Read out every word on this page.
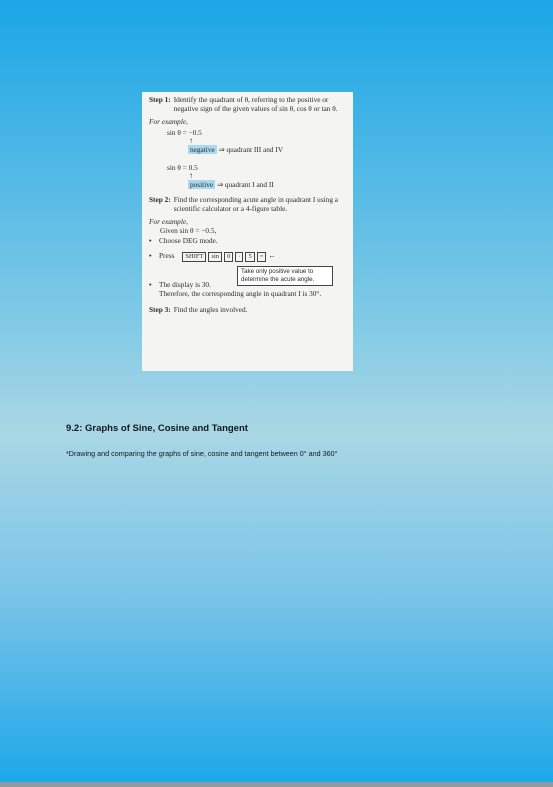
Step 1: Identify the quadrant of θ, referring to the positive or negative sign of the given values of sin θ, cos θ or tan θ.
For example,
sin θ = −0.5
↑
negative ⇒ quadrant III and IV
sin θ = 0.5
↑
positive ⇒ quadrant I and II
Step 2: Find the corresponding acute angle in quadrant I using a scientific calculator or a 4-figure table.
For example,
Given sin θ = −0.5,
•	Choose DEG mode.
•	Press	SHIFT sin 0 · 5 = ←
Take only positive value to determine the acute angle.
•	The display is 30.
Therefore, the corresponding angle in quadrant I is 30°.
Step 3: Find the angles involved.
9.2: Graphs of Sine, Cosine and Tangent
*Drawing and comparing the graphs of sine, cosine and tangent between 0° and 360°
